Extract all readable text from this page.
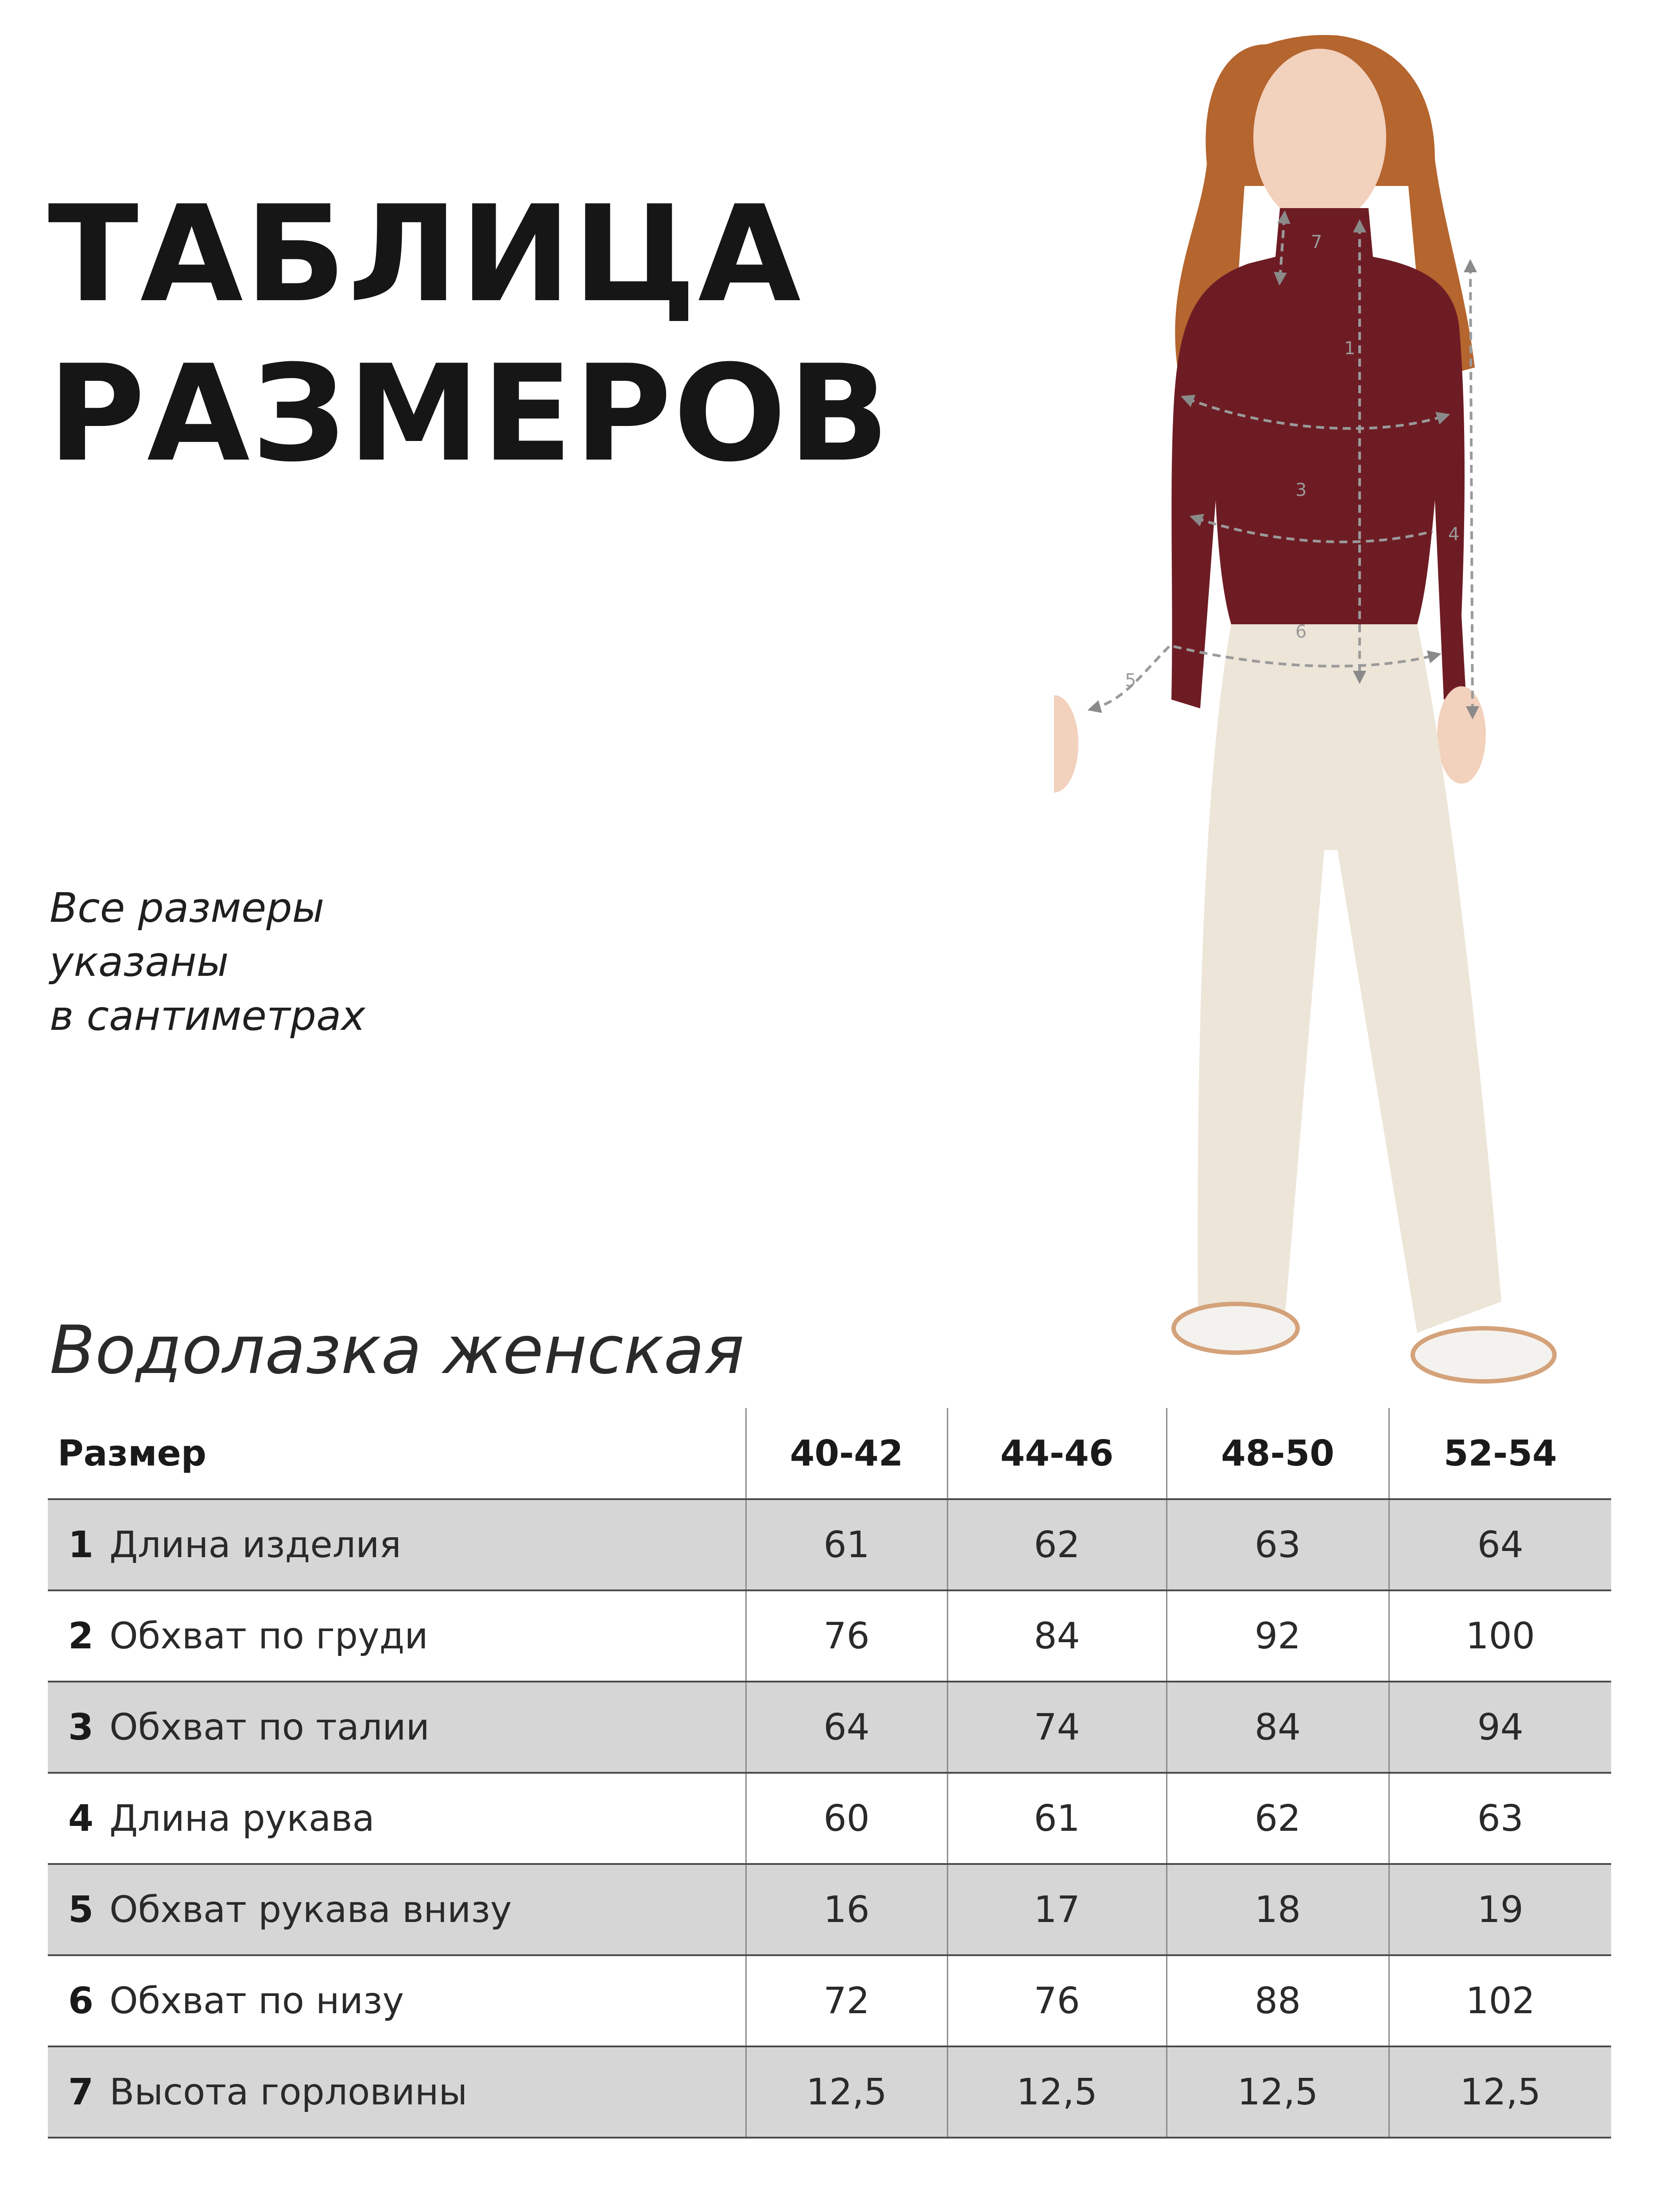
ТАБЛИЦА
РАЗМЕРОВ
Все размеры
указаны
в сантиметрах
1
3
4
5
6
7
Водолазка женская
Размер	40-42	44-46	48-50	52-54
1 Длина изделия	61	62	63	64
2 Обхват по груди	76	84	92	100
3 Обхват по талии	64	74	84	94
4 Длина рукава	60	61	62	63
5 Обхват рукава внизу	16	17	18	19
6 Обхват по низу	72	76	88	102
7 Высота горловины	12,5	12,5	12,5	12,5
